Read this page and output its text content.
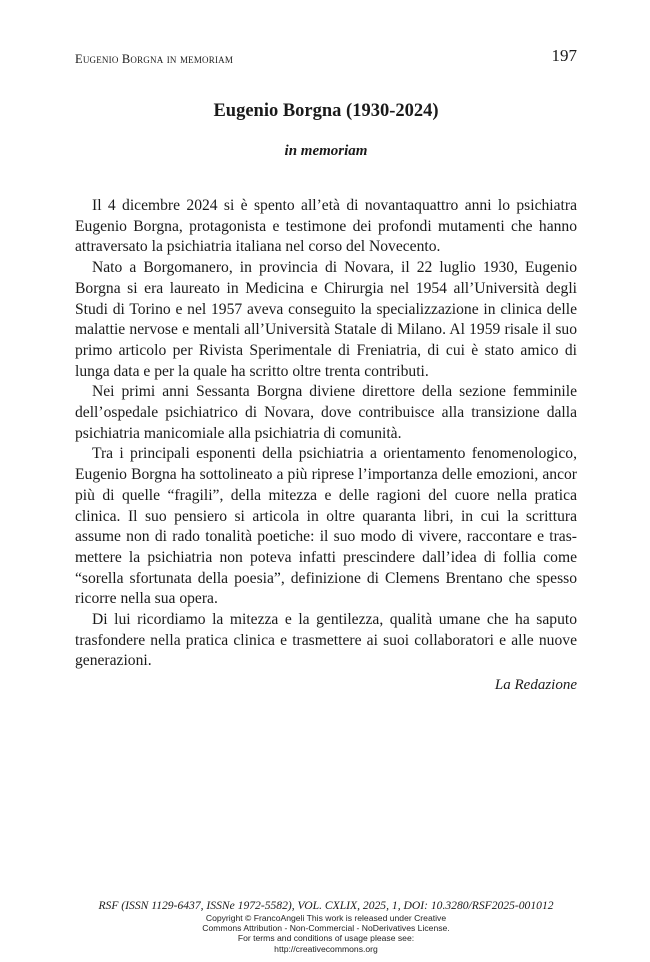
Eugenio Borgna in memoriam	197
Eugenio Borgna (1930-2024)
in memoriam

Il 4 dicembre 2024 si è spento all’età di novantaquattro anni lo psichiatra Eugenio Borgna, protagonista e testimone dei profondi mutamenti che hanno attraversato la psichiatria italiana nel corso del Novecento.

Nato a Borgomanero, in provincia di Novara, il 22 luglio 1930, Eugenio Borgna si era laureato in Medicina e Chirurgia nel 1954 all’Università degli Studi di Torino e nel 1957 aveva conseguito la specializzazione in clinica delle malattie nervose e mentali all’Università Statale di Milano. Al 1959 risale il suo primo articolo per Rivista Sperimentale di Freniatria, di cui è stato amico di lunga data e per la quale ha scritto oltre trenta contributi.

Nei primi anni Sessanta Borgna diviene direttore della sezione femminile dell’ospedale psichiatrico di Novara, dove contribuisce alla transizione dalla psichiatria manicomiale alla psichiatria di comunità.

Tra i principali esponenti della psichiatria a orientamento fenomenologico, Eugenio Borgna ha sottolineato a più riprese l’importanza delle emozioni, ancor più di quelle “fragili”, della mitezza e delle ragioni del cuore nella pratica clinica. Il suo pensiero si articola in oltre quaranta libri, in cui la scrittura assume non di rado tonalità poetiche: il suo modo di vivere, raccontare e trasmettere la psichiatria non poteva infatti prescindere dall’idea di follia come “sorella sfortunata della poesia”, definizione di Clemens Brentano che spesso ricorre nella sua opera.

Di lui ricordiamo la mitezza e la gentilezza, qualità umane che ha saputo trasfondere nella pratica clinica e trasmettere ai suoi collaboratori e alle nuove generazioni.

La Redazione
RSF (ISSN 1129-6437, ISSNe 1972-5582), VOL. CXLIX, 2025, 1, DOI: 10.3280/RSF2025-001012
Copyright © FrancoAngeli This work is released under Creative
Commons Attribution - Non-Commercial - NoDerivatives License.
For terms and conditions of usage please see:
http://creativecommons.org
